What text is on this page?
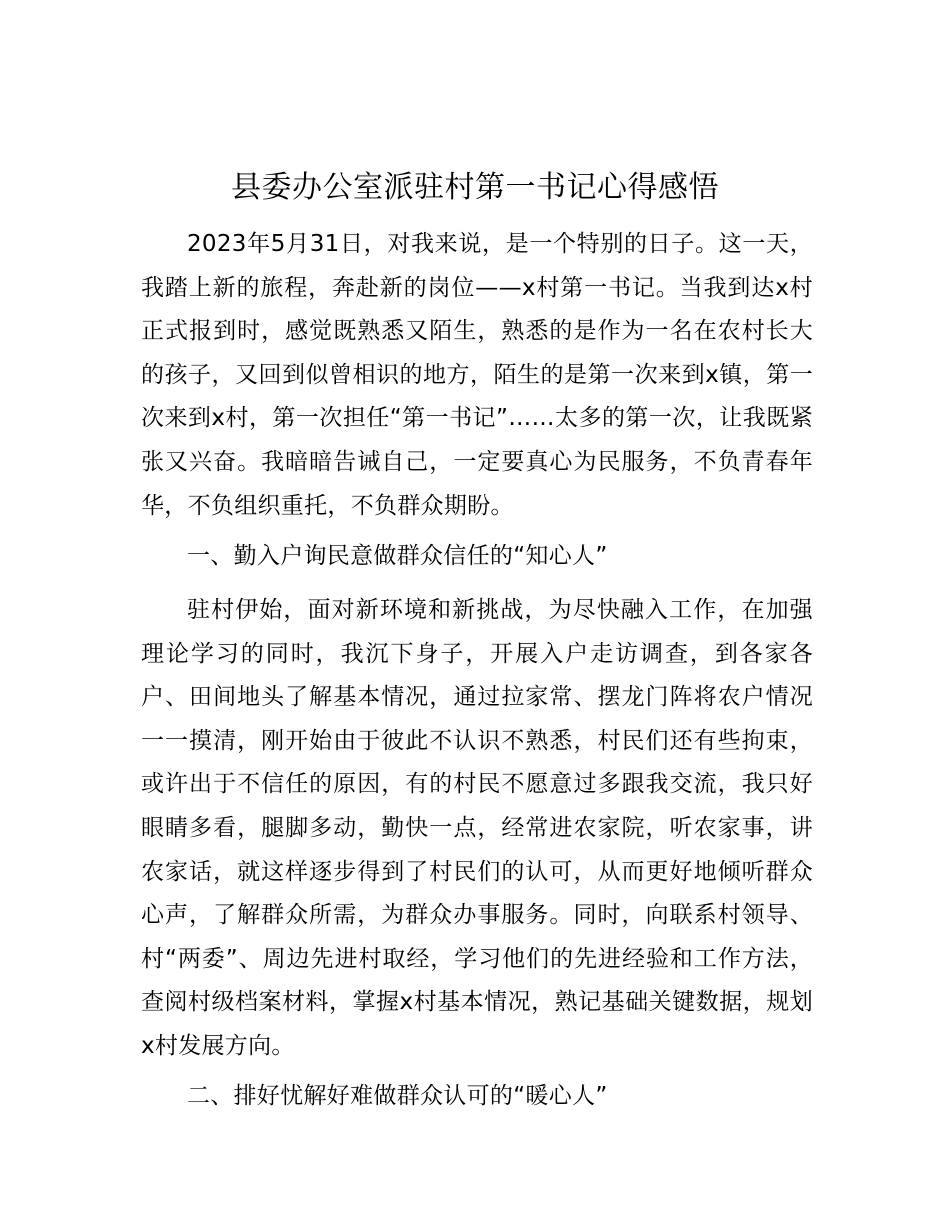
县委办公室派驻村第一书记心得感悟

2023年5月31日，对我来说，是一个特别的日子。这一天，我踏上新的旅程，奔赴新的岗位——x村第一书记。当我到达x村正式报到时，感觉既熟悉又陌生，熟悉的是作为一名在农村长大的孩子，又回到似曾相识的地方，陌生的是第一次来到x镇，第一次来到x村，第一次担任“第一书记”……太多的第一次，让我既紧张又兴奋。我暗暗告诫自己，一定要真心为民服务，不负青春年华，不负组织重托，不负群众期盼。

一、勤入户询民意做群众信任的“知心人”

驻村伊始，面对新环境和新挑战，为尽快融入工作，在加强理论学习的同时，我沉下身子，开展入户走访调查，到各家各户、田间地头了解基本情况，通过拉家常、摆龙门阵将农户情况一一摸清，刚开始由于彼此不认识不熟悉，村民们还有些拘束，或许出于不信任的原因，有的村民不愿意过多跟我交流，我只好眼睛多看，腿脚多动，勤快一点，经常进农家院，听农家事，讲农家话，就这样逐步得到了村民们的认可，从而更好地倾听群众心声，了解群众所需，为群众办事服务。同时，向联系村领导、村“两委”、周边先进村取经，学习他们的先进经验和工作方法，查阅村级档案材料，掌握x村基本情况，熟记基础关键数据，规划x村发展方向。

二、排好忧解好难做群众认可的“暖心人”
